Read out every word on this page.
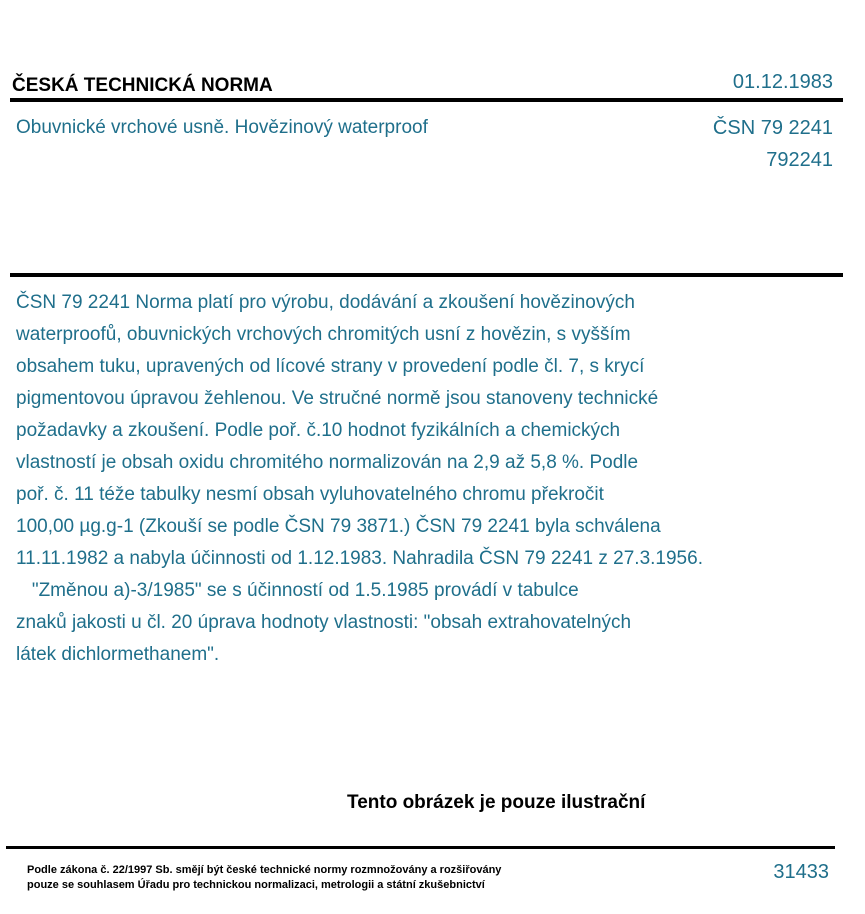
ČESKÁ TECHNICKÁ NORMA	01.12.1983
Obuvnické vrchové usně. Hovězinový waterproof	ČSN 79 2241
792241
ČSN 79 2241 Norma platí pro výrobu, dodávání a zkoušení hovězinových
waterproofů, obuvnických vrchových chromitých usní z hovězin, s vyšším
obsahem tuku, upravených od lícové strany v provedení podle čl. 7, s krycí
pigmentovou úpravou žehlenou. Ve stručné normě jsou stanoveny technické
požadavky a zkoušení. Podle poř. č.10 hodnot fyzikálních a chemických
vlastností je obsah oxidu chromitého normalizován na 2,9 až 5,8 %. Podle
poř. č. 11 téže tabulky nesmí obsah vyluhovatelného chromu překročit
100,00 µg.g-1 (Zkouší se podle ČSN 79 3871.) ČSN 79 2241 byla schválena
11.11.1982 a nabyla účinnosti od 1.12.1983. Nahradila ČSN 79 2241 z 27.3.1956.
"Změnou a)-3/1985" se s účinností od 1.5.1985 provádí v tabulce
znaků jakosti u čl. 20 úprava hodnoty vlastnosti: "obsah extrahovatelných
látek dichlormethanem".
Tento obrázek je pouze ilustrační
Podle zákona č. 22/1997 Sb. smějí být české technické normy rozmnožovány a rozšiřovány
pouze se souhlasem Úřadu pro technickou normalizaci, metrologii a státní zkušebnictví
31433
